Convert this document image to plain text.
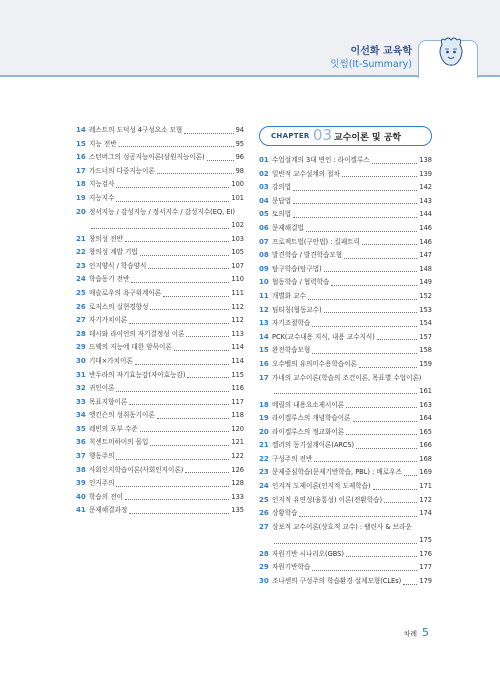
이선화 교육학
잇썸(It-Summary)
14 레스트의 도덕성 4구성요소 모형	94
15 지능 전반	95
16 스턴버그의 성공지능이론(삼원지능이론)	96
17 가드너의 다중지능이론	98
18 지능검사	100
19 지능지수	101
20 정서지능 / 감성지능 / 정서지수 / 감성지수(EQ, EI)
102
21 창의성 전반	103
22 창의성 계발 기법	105
23 인지양식 / 학습양식	107
24 학습동기 전반	110
25 매슬로우의 욕구위계이론	111
26 로저스의 실현경향성	112
27 자기가치이론	112
28 데시와 라이언의 자기결정성 이론	113
29 드웩의 지능에 대한 암묵이론	114
30 기대×가치이론	114
31 반두라의 자기효능감(자아효능감)	115
32 귀인이론	116
33 목표지향이론	117
34 앳킨슨의 성취동기이론	118
35 레빈의 포부 수준	120
36 칙센트미하이의 몰입	121
37 행동주의	122
38 사회인지학습이론(사회인지이론)	126
39 인지주의	128
40 학습의 전이	133
41 문제해결과정	135
CHAPTER 03 교수이론 및 공학
01 수업설계의 3대 변인 : 라이겔루스	138
02 일반적 교수설계의 절차	139
03 강의법	142
04 문답법	143
05 토의법	144
06 문제해결법	146
07 프로젝트법(구안법) : 킬패트릭	146
08 발견학습 / 발견학습모형	147
09 탐구학습(탐구법)	148
10 협동학습 / 협력학습	149
11 개별화 교수	152
12 팀티칭(협동교수)	153
13 자기조절학습	154
14 PCK(교수내용 지식, 내용 교수지식)	157
15 완전학습모형	158
16 오수벨의 유의미수용학습이론	159
17 가네의 교수이론(학습의 조건이론, 목표별 수업이론)
161
18 메릴의 내용요소제시이론	163
19 라이겔루스의 개념학습이론	164
20 라이겔루스의 정교화이론	165
21 켈러의 동기설계이론(ARCS)	166
22 구성주의 전반	168
23 문제중심학습(문제기반학습, PBL) : 배로우즈	169
24 인지적 도제이론(인지적 도제학습)	171
25 인지적 유연성(융통성) 이론(전환학습)	172
26 상황학습	174
27 상보적 교수이론(상호적 교수) : 팰린사 & 브라운
175
28 자원기반 시나리오(GBS)	176
29 자원기반학습	177
30 조나센의 구성주의 학습환경 설계모형(CLEs)	179
차례 5
